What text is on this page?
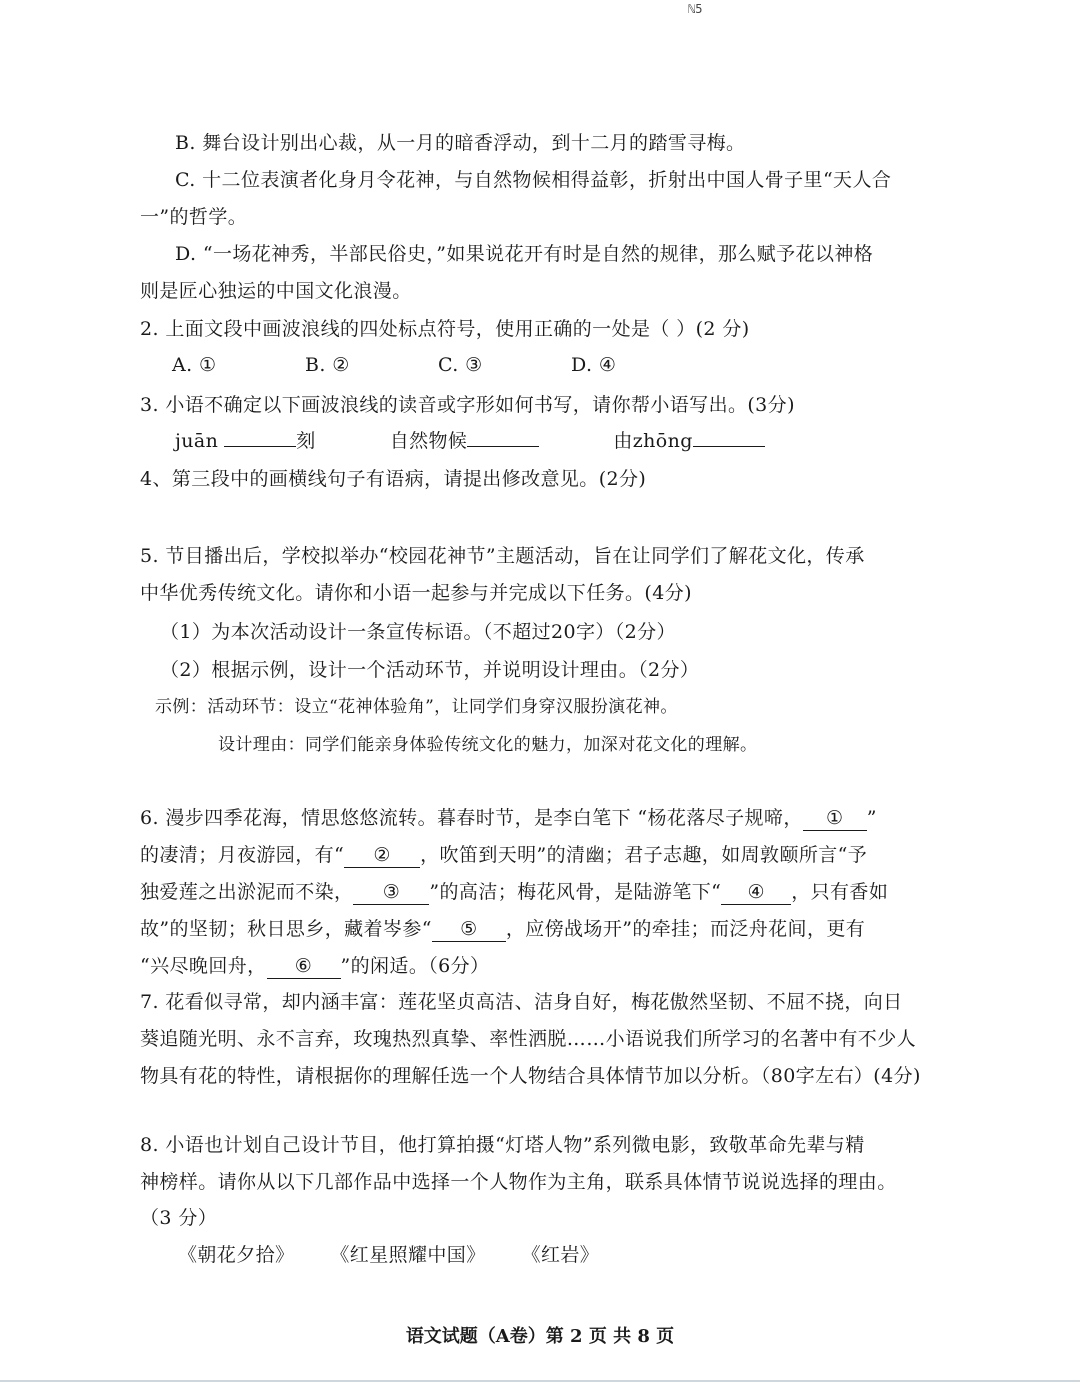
ℕ5
B. 舞台设计别出心裁，从一月的暗香浮动，到十二月的踏雪寻梅。
C. 十二位表演者化身月令花神，与自然物候相得益彰，折射出中国人骨子里“天人合
一”的哲学。
D. “一场花神秀，半部民俗史，”如果说花开有时是自然的规律，那么赋予花以神格
则是匠心独运的中国文化浪漫。
2. 上面文段中画波浪线的四处标点符号，使用正确的一处是（ ）(2 分)
A. ①	B. ②	C. ③	D. ④
3. 小语不确定以下画波浪线的读音或字形如何书写，请你帮小语写出。(3分)
juān	刻	自然物候	由zhōng
4、第三段中的画横线句子有语病，请提出修改意见。(2分)
5. 节目播出后，学校拟举办“校园花神节”主题活动，旨在让同学们了解花文化，传承
中华优秀传统文化。请你和小语一起参与并完成以下任务。(4分)
（1）为本次活动设计一条宣传标语。（不超过20字）（2分）
（2）根据示例，设计一个活动环节，并说明设计理由。（2分）
示例：活动环节：设立“花神体验角”，让同学们身穿汉服扮演花神。
设计理由：同学们能亲身体验传统文化的魅力，加深对花文化的理解。
6. 漫步四季花海，情思悠悠流转。暮春时节，是李白笔下 “杨花落尽子规啼， ① ”
的凄清；月夜游园，有“ ② ，吹笛到天明”的清幽；君子志趣，如周敦颐所言“予
独爱莲之出淤泥而不染， ③ ”的高洁；梅花风骨，是陆游笔下“ ④ ，只有香如
故”的坚韧；秋日思乡，藏着岑参“ ⑤ ，应傍战场开”的牵挂；而泛舟花间，更有
“兴尽晚回舟， ⑥ ”的闲适。（6分）
7. 花看似寻常，却内涵丰富：莲花坚贞高洁、洁身自好，梅花傲然坚韧、不屈不挠，向日
葵追随光明、永不言弃，玫瑰热烈真挚、率性洒脱……小语说我们所学习的名著中有不少人
物具有花的特性，请根据你的理解任选一个人物结合具体情节加以分析。（80字左右）(4分)
8. 小语也计划自己设计节目，他打算拍摄“灯塔人物”系列微电影，致敬革命先辈与精
神榜样。请你从以下几部作品中选择一个人物作为主角，联系具体情节说说选择的理由。
（3 分）
《朝花夕拾》 《红星照耀中国》 《红岩》
语文试题（A卷）第 2 页 共 8 页
